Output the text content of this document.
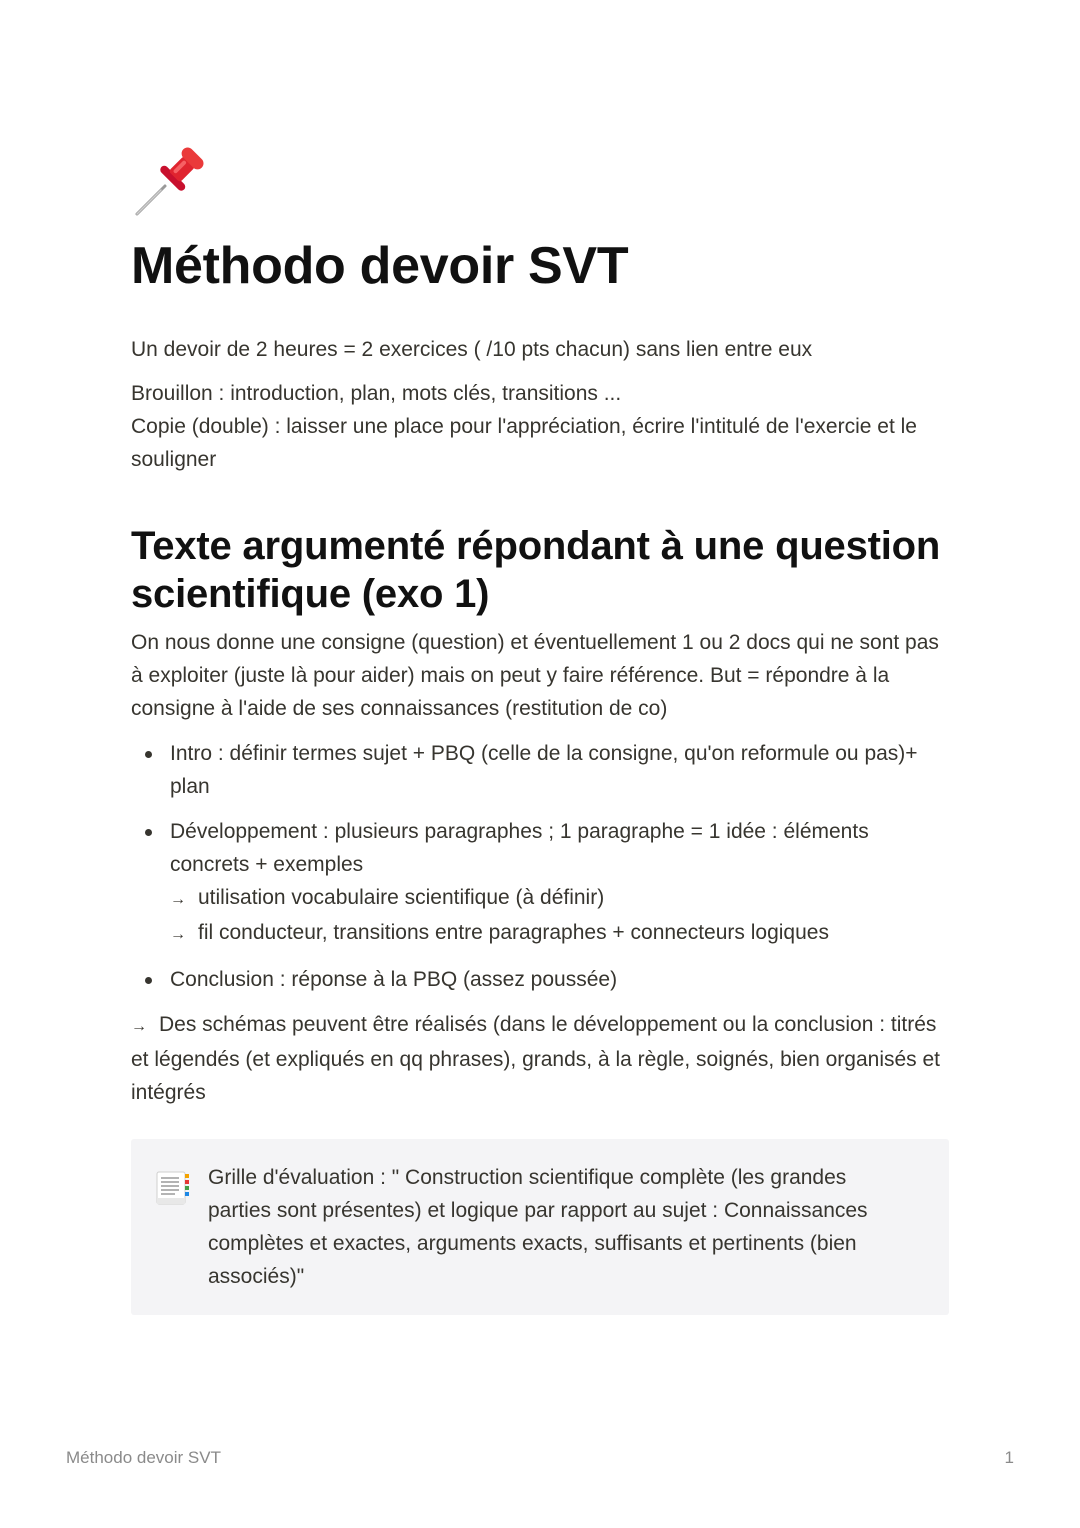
Méthodo devoir SVT

Un devoir de 2 heures = 2 exercices ( /10 pts chacun) sans lien entre eux

Brouillon : introduction, plan, mots clés, transitions ...
Copie (double) : laisser une place pour l'appréciation, écrire l'intitulé de l'exercie et le souligner
Texte argumenté répondant à une question scientifique (exo 1)

On nous donne une consigne (question) et éventuellement 1 ou 2 docs qui ne sont pas à exploiter (juste là pour aider) mais on peut y faire référence. But = répondre à la consigne à l'aide de ses connaissances (restitution de co)

Intro : définir termes sujet + PBQ (celle de la consigne, qu'on reformule ou pas)+ plan
Développement : plusieurs paragraphes ; 1 paragraphe = 1 idée : éléments concrets + exemples
→ utilisation vocabulaire scientifique (à définir)
→ fil conducteur, transitions entre paragraphes + connecteurs logiques
Conclusion : réponse à la PBQ (assez poussée)

→ Des schémas peuvent être réalisés (dans le développement ou la conclusion : titrés et légendés (et expliqués en qq phrases), grands, à la règle, soignés, bien organisés et intégrés

Grille d'évaluation : " Construction scientifique complète (les grandes parties sont présentes) et logique par rapport au sujet : Connaissances complètes et exactes, arguments exacts, suffisants et pertinents (bien associés)"
Méthodo devoir SVT	1
